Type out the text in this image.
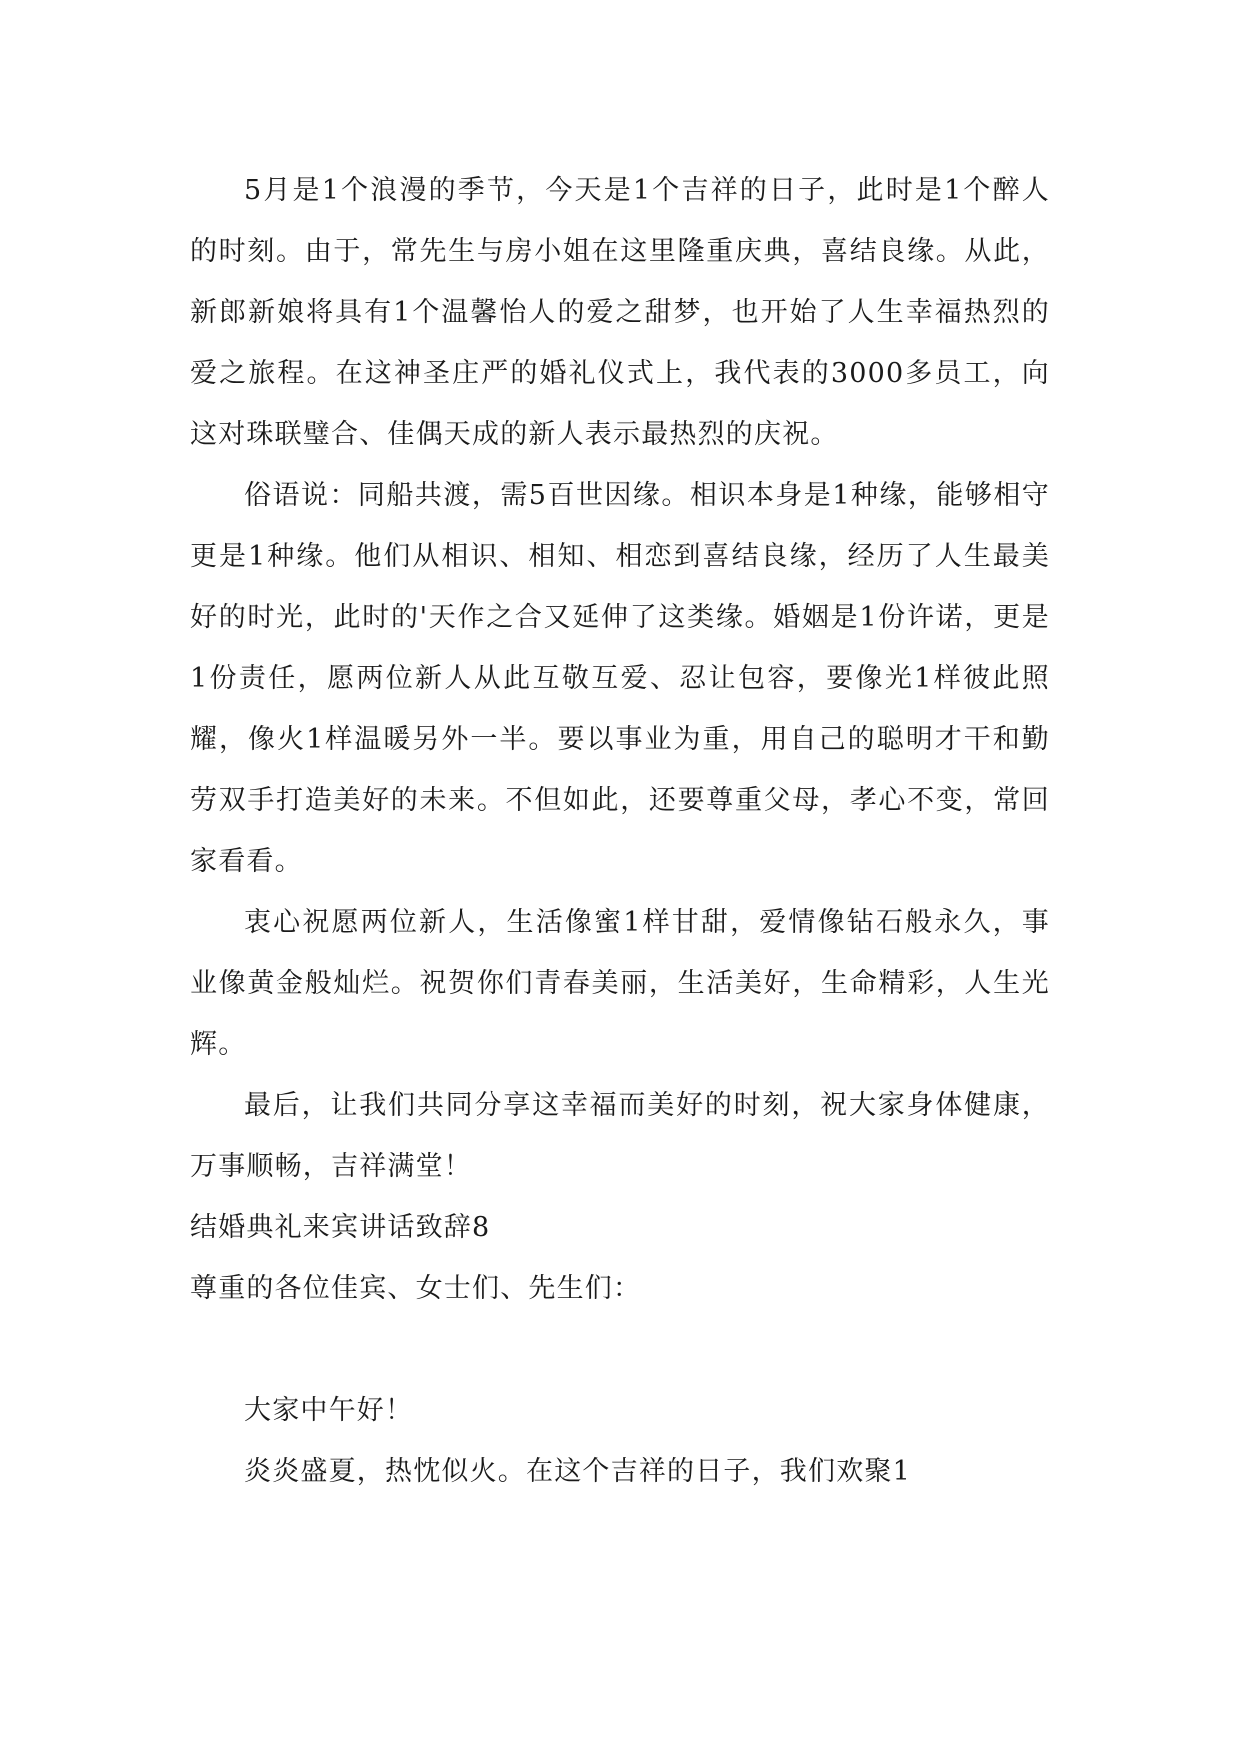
5月是1个浪漫的季节，今天是1个吉祥的日子，此时是1个醉人的时刻。由于，常先生与房小姐在这里隆重庆典，喜结良缘。从此，新郎新娘将具有1个温馨怡人的爱之甜梦，也开始了人生幸福热烈的爱之旅程。在这神圣庄严的婚礼仪式上，我代表的3000多员工，向这对珠联璧合、佳偶天成的新人表示最热烈的庆祝。

俗语说：同船共渡，需5百世因缘。相识本身是1种缘，能够相守更是1种缘。他们从相识、相知、相恋到喜结良缘，经历了人生最美好的时光，此时的'天作之合又延伸了这类缘。婚姻是1份许诺，更是1份责任，愿两位新人从此互敬互爱、忍让包容，要像光1样彼此照耀，像火1样温暖另外一半。要以事业为重，用自己的聪明才干和勤劳双手打造美好的未来。不但如此，还要尊重父母，孝心不变，常回家看看。

衷心祝愿两位新人，生活像蜜1样甘甜，爱情像钻石般永久，事业像黄金般灿烂。祝贺你们青春美丽，生活美好，生命精彩，人生光辉。

最后，让我们共同分享这幸福而美好的时刻，祝大家身体健康，万事顺畅，吉祥满堂！

结婚典礼来宾讲话致辞8

尊重的各位佳宾、女士们、先生们：

大家中午好！

炎炎盛夏，热忱似火。在这个吉祥的日子，我们欢聚1
